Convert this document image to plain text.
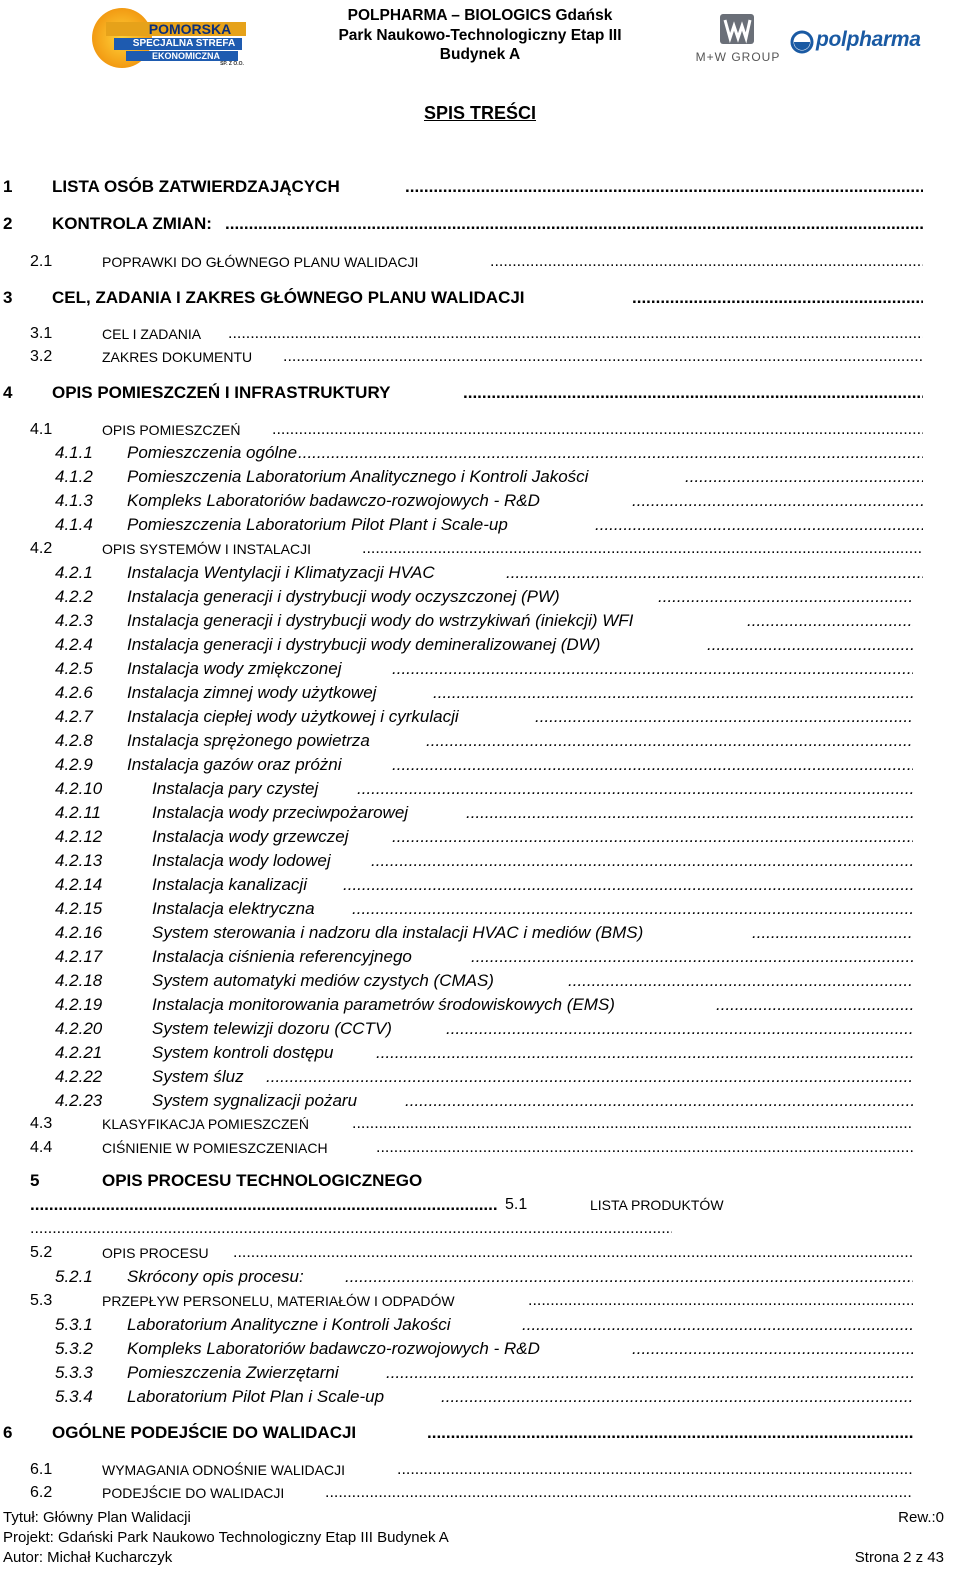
POMORSKA
SPECJALNA STREFA
EKONOMICZNA
SP. Z O.O.
POLPHARMA – BIOLOGICS Gdańsk
Park Naukowo-Technologiczny Etap III
Budynek A	M+W GROUP
polpharma
SPIS TREŚCI
1 LISTA OSÓB ZATWIERDZAJĄCYCH
.....
2 KONTROLA ZMIAN:
.....
2.1	POPRAWKI DO GŁÓWNEGO PLANU WALIDACJI
.....
3 CEL, ZADANIA I ZAKRES GŁÓWNEGO PLANU WALIDACJI
.....
3.1	CEL I ZADANIA
.....
3.2	ZAKRES DOKUMENTU
.....
4 OPIS POMIESZCZEŃ I INFRASTRUKTURY
.....
4.1	OPIS POMIESZCZEŃ
.....
4.1.1 Pomieszczenia ogólne
.....
4.1.2 Pomieszczenia Laboratorium Analitycznego i Kontroli Jakości
.....
4.1.3 Kompleks Laboratoriów badawczo-rozwojowych - R&D
.....
4.1.4 Pomieszczenia Laboratorium Pilot Plant i Scale-up
.....
4.2	OPIS SYSTEMÓW I INSTALACJI
.....
4.2.1 Instalacja Wentylacji i Klimatyzacji HVAC
.....
4.2.2 Instalacja generacji i dystrybucji wody oczyszczonej (PW)
.....
4.2.3 Instalacja generacji i dystrybucji wody do wstrzykiwań (iniekcji) WFI
.....
4.2.4 Instalacja generacji i dystrybucji wody demineralizowanej (DW)
.....
4.2.5 Instalacja wody zmiękczonej
.....
4.2.6 Instalacja zimnej wody użytkowej
.....
4.2.7 Instalacja ciepłej wody użytkowej i cyrkulacji
.....
4.2.8 Instalacja sprężonego powietrza
.....
4.2.9 Instalacja gazów oraz próżni
.....
4.2.10	Instalacja pary czystej
.....
4.2.11	Instalacja wody przeciwpożarowej
.....
4.2.12	Instalacja wody grzewczej
.....
4.2.13	Instalacja wody lodowej
.....
4.2.14	Instalacja kanalizacji
.....
4.2.15	Instalacja elektryczna
.....
4.2.16	System sterowania i nadzoru dla instalacji HVAC i mediów (BMS)
.....
4.2.17	Instalacja ciśnienia referencyjnego
.....
4.2.18	System automatyki mediów czystych (CMAS)
.....
4.2.19	Instalacja monitorowania parametrów środowiskowych (EMS)
.....
4.2.20	System telewizji dozoru (CCTV)
.....
4.2.21	System kontroli dostępu
.....
4.2.22	System śluz
.....
4.2.23	System sygnalizacji pożaru
.....
4.3	KLASYFIKACJA POMIESZCZEŃ
.....
4.4	CIŚNIENIE W POMIESZCZENIACH
.....
5	OPIS PROCESU TECHNOLOGICZNEGO
.....
5.1	LISTA PRODUKTÓW
.....
5.2	OPIS PROCESU
.....
5.2.1 Skrócony opis procesu:
.....
5.3	PRZEPŁYW PERSONELU, MATERIAŁÓW I ODPADÓW
.....
5.3.1 Laboratorium Analityczne i Kontroli Jakości
.....
5.3.2 Kompleks Laboratoriów badawczo-rozwojowych - R&D
.....
5.3.3 Pomieszczenia Zwierzętarni
.....
5.3.4 Laboratorium Pilot Plan i Scale-up
.....
6 OGÓLNE PODEJŚCIE DO WALIDACJI
.....
6.1	WYMAGANIA ODNOŚNIE WALIDACJI
.....
6.2	PODEJŚCIE DO WALIDACJI
.....
Tytuł: Główny Plan Walidacji	Rew.:0
Projekt: Gdański Park Naukowo Technologiczny Etap III Budynek A
Autor: Michał Kucharczyk	Strona 2 z 43
